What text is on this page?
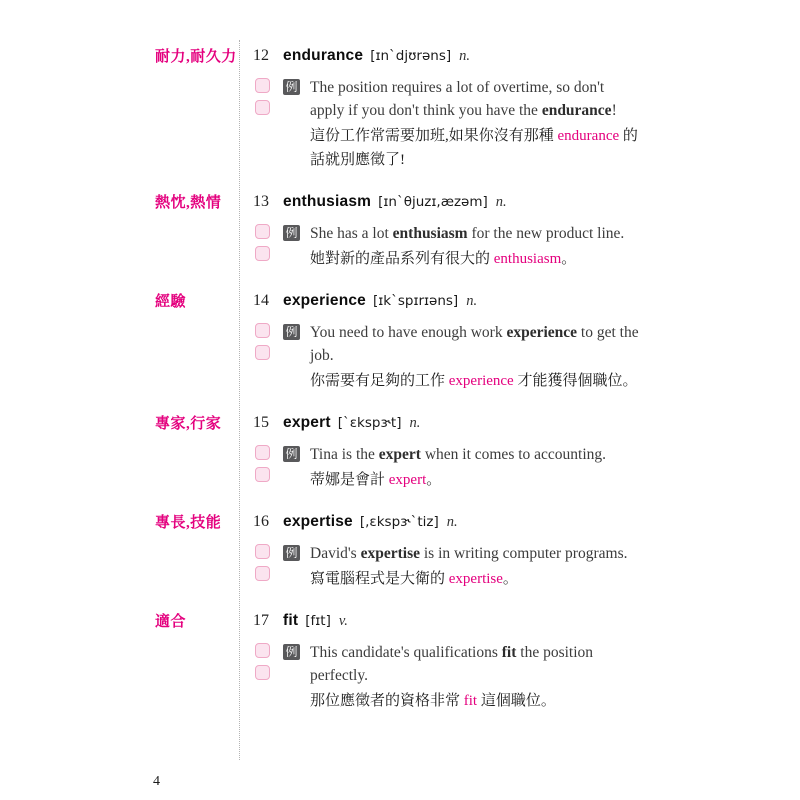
耐力,耐久力 12 endurance [ɪnˋdjʊrəns] n.
例 The position requires a lot of overtime, so don't apply if you don't think you have the endurance!
這份工作常需要加班,如果你沒有那種 endurance 的話就別應徵了!
熱忱,熱情	13 enthusiasm [ɪnˋθjuzɪ,æzəm] n.
例 She has a lot enthusiasm for the new product line.
她對新的產品系列有很大的 enthusiasm。
經驗	14 experience [ɪkˋspɪrɪəns] n.
例 You need to have enough work experience to get the job.
你需要有足夠的工作 experience 才能獲得個職位。
專家,行家	15 expert [ˋɛkspɝt] n.
例 Tina is the expert when it comes to accounting.
蒂娜是會計 expert。
專長,技能	16 expertise [,ɛkspɝˋtiz] n.
例 David's expertise is in writing computer programs.
寫電腦程式是大衛的 expertise。
適合	17 fit [fɪt] v.
例 This candidate's qualifications fit the position perfectly.
那位應徵者的資格非常 fit 這個職位。
4
